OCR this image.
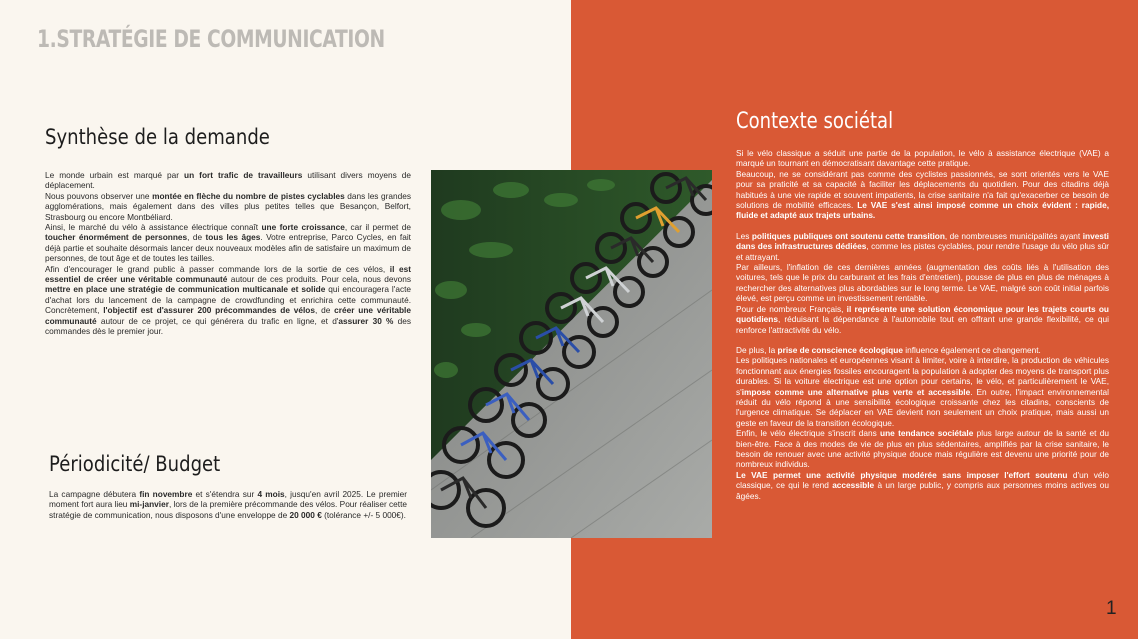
1.STRATÉGIE DE COMMUNICATION
Synthèse de la demande

Le monde urbain est marqué par un fort trafic de travailleurs utilisant divers moyens de déplacement.

Nous pouvons observer une montée en flèche du nombre de pistes cyclables dans les grandes agglomérations, mais également dans des villes plus petites telles que Besançon, Belfort, Strasbourg ou encore Montbéliard.

Ainsi, le marché du vélo à assistance électrique connaît une forte croissance, car il permet de toucher énormément de personnes, de tous les âges. Votre entreprise, Parco Cycles, en fait déjà partie et souhaite désormais lancer deux nouveaux modèles afin de satisfaire un maximum de personnes, de tout âge et de toutes les tailles.

Afin d'encourager le grand public à passer commande lors de la sortie de ces vélos, il est essentiel de créer une véritable communauté autour de ces produits. Pour cela, nous devons mettre en place une stratégie de communication multicanale et solide qui encouragera l'acte d'achat lors du lancement de la campagne de crowdfunding et enrichira cette communauté. Concrètement, l'objectif est d'assurer 200 précommandes de vélos, de créer une véritable communauté autour de ce projet, ce qui générera du trafic en ligne, et d'assurer 30 % des commandes dès le premier jour.

Périodicité/ Budget

La campagne débutera fin novembre et s'étendra sur 4 mois, jusqu'en avril 2025. Le premier moment fort aura lieu mi-janvier, lors de la première précommande des vélos. Pour réaliser cette stratégie de communication, nous disposons d'une enveloppe de 20 000 € (tolérance +/- 5 000€).

Contexte sociétal

Si le vélo classique a séduit une partie de la population, le vélo à assistance électrique (VAE) a marqué un tournant en démocratisant davantage cette pratique.

Beaucoup, ne se considérant pas comme des cyclistes passionnés, se sont orientés vers le VAE pour sa praticité et sa capacité à faciliter les déplacements du quotidien. Pour des citadins déjà habitués à une vie rapide et souvent impatients, la crise sanitaire n'a fait qu'exacerber ce besoin de solutions de mobilité efficaces. Le VAE s'est ainsi imposé comme un choix évident : rapide, fluide et adapté aux trajets urbains.

Les politiques publiques ont soutenu cette transition, de nombreuses municipalités ayant investi dans des infrastructures dédiées, comme les pistes cyclables, pour rendre l'usage du vélo plus sûr et attrayant.

Par ailleurs, l'inflation de ces dernières années (augmentation des coûts liés à l'utilisation des voitures, tels que le prix du carburant et les frais d'entretien), pousse de plus en plus de ménages à rechercher des alternatives plus abordables sur le long terme. Le VAE, malgré son coût initial parfois élevé, est perçu comme un investissement rentable.

Pour de nombreux Français, il représente une solution économique pour les trajets courts ou quotidiens, réduisant la dépendance à l'automobile tout en offrant une grande flexibilité, ce qui renforce l'attractivité du vélo.

De plus, la prise de conscience écologique influence également ce changement.

Les politiques nationales et européennes visant à limiter, voire à interdire, la production de véhicules fonctionnant aux énergies fossiles encouragent la population à adopter des moyens de transport plus durables. Si la voiture électrique est une option pour certains, le vélo, et particulièrement le VAE, s'impose comme une alternative plus verte et accessible. En outre, l'impact environnemental réduit du vélo répond à une sensibilité écologique croissante chez les citadins, conscients de l'urgence climatique. Se déplacer en VAE devient non seulement un choix pratique, mais aussi un geste en faveur de la transition écologique.

Enfin, le vélo électrique s'inscrit dans une tendance sociétale plus large autour de la santé et du bien-être. Face à des modes de vie de plus en plus sédentaires, amplifiés par la crise sanitaire, le besoin de renouer avec une activité physique douce mais régulière est devenu une priorité pour de nombreux individus.

Le VAE permet une activité physique modérée sans imposer l'effort soutenu d'un vélo classique, ce qui le rend accessible à un large public, y compris aux personnes moins actives ou âgées.

1
